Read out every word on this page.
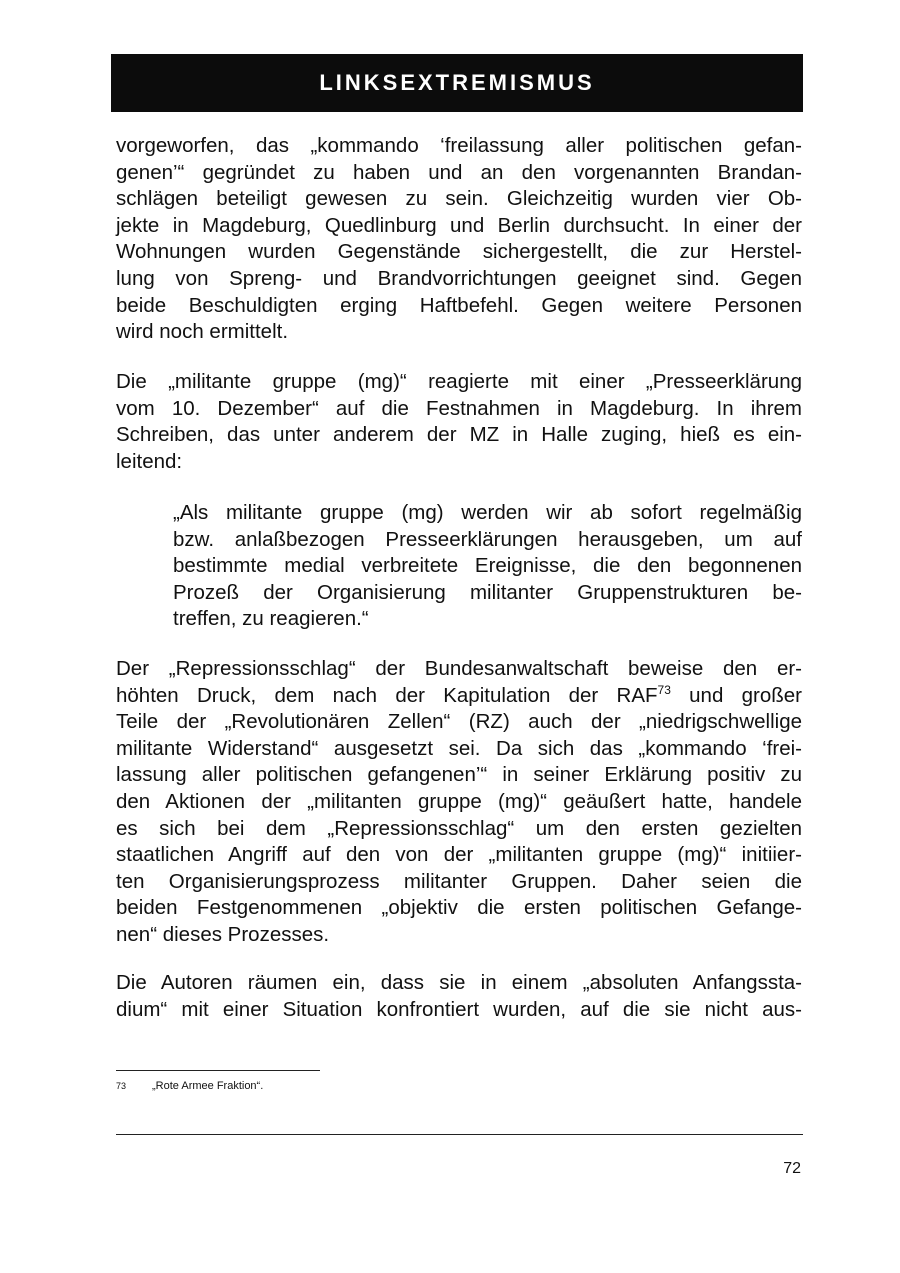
LINKSEXTREMISMUS
vorgeworfen, das „kommando ‘freilassung aller politischen gefan-
genen’“ gegründet zu haben und an den vorgenannten Brandan-
schlägen beteiligt gewesen zu sein. Gleichzeitig wurden vier Ob-
jekte in Magdeburg, Quedlinburg und Berlin durchsucht. In einer der
Wohnungen wurden Gegenstände sichergestellt, die zur Herstel-
lung von Spreng- und Brandvorrichtungen geeignet sind. Gegen
beide Beschuldigten erging Haftbefehl. Gegen weitere Personen
wird noch ermittelt.
Die „militante gruppe (mg)“ reagierte mit einer „Presseerklärung
vom 10. Dezember“ auf die Festnahmen in Magdeburg. In ihrem
Schreiben, das unter anderem der MZ in Halle zuging, hieß es ein-
leitend:
„Als militante gruppe (mg) werden wir ab sofort regelmäßig
bzw. anlaßbezogen Presseerklärungen herausgeben, um auf
bestimmte medial verbreitete Ereignisse, die den begonnenen
Prozeß der Organisierung militanter Gruppenstrukturen be-
treffen, zu reagieren.“
Der „Repressionsschlag“ der Bundesanwaltschaft beweise den er-
höhten Druck, dem nach der Kapitulation der RAF$^{73}$ und großer
Teile der „Revolutionären Zellen“ (RZ) auch der „niedrigschwellige
militante Widerstand“ ausgesetzt sei. Da sich das „kommando ‘frei-
lassung aller politischen gefangenen’“ in seiner Erklärung positiv zu
den Aktionen der „militanten gruppe (mg)“ geäußert hatte, handele
es sich bei dem „Repressionsschlag“ um den ersten gezielten
staatlichen Angriff auf den von der „militanten gruppe (mg)“ initiier-
ten Organisierungsprozess militanter Gruppen. Daher seien die
beiden Festgenommenen „objektiv die ersten politischen Gefange-
nen“ dieses Prozesses.
Die Autoren räumen ein, dass sie in einem „absoluten Anfangssta-
dium“ mit einer Situation konfrontiert wurden, auf die sie nicht aus-
73 „Rote Armee Fraktion“.
72
